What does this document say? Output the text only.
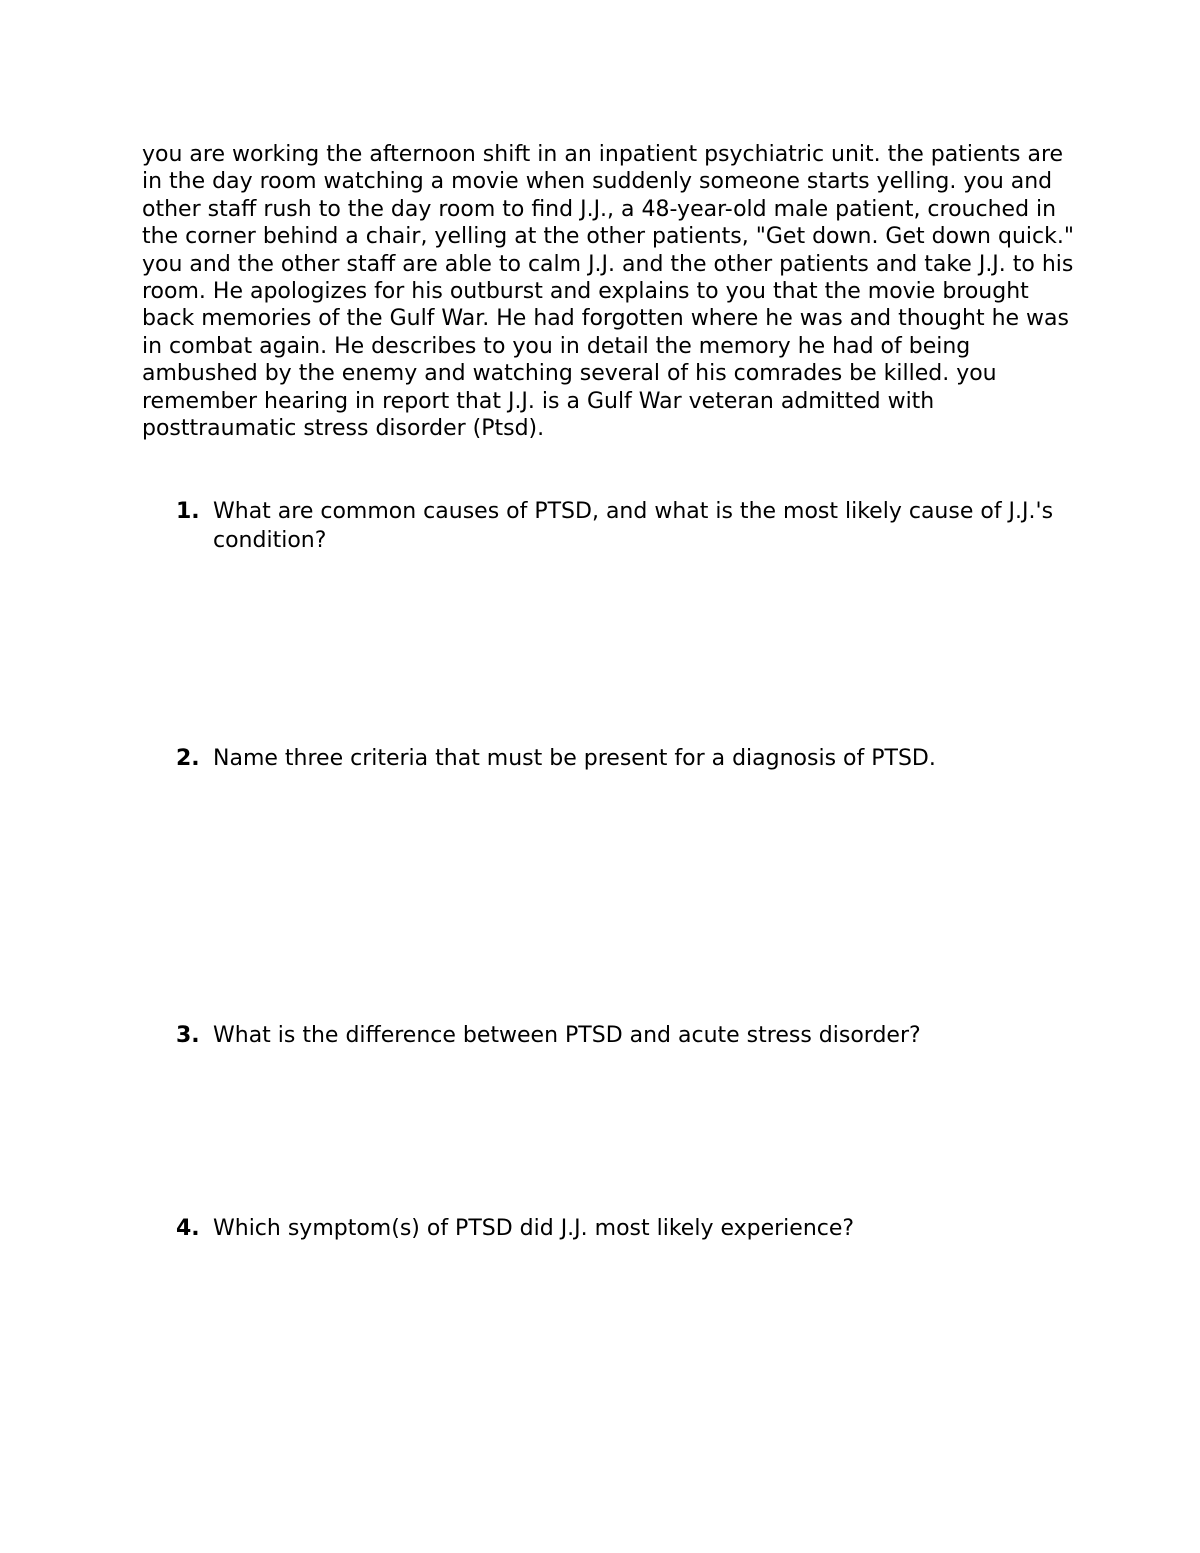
you are working the afternoon shift in an inpatient psychiatric unit. the patients are in the day room watching a movie when suddenly someone starts yelling. you and other staff rush to the day room to find J.J., a 48-year-old male patient, crouched in the corner behind a chair, yelling at the other patients, "Get down. Get down quick." you and the other staff are able to calm J.J. and the other patients and take J.J. to his room. He apologizes for his outburst and explains to you that the movie brought back memories of the Gulf War. He had forgotten where he was and thought he was in combat again. He describes to you in detail the memory he had of being ambushed by the enemy and watching several of his comrades be killed. you remember hearing in report that J.J. is a Gulf War veteran admitted with posttraumatic stress disorder (Ptsd).

1. What are common causes of PTSD, and what is the most likely cause of J.J.'s condition?
2. Name three criteria that must be present for a diagnosis of PTSD.
3. What is the difference between PTSD and acute stress disorder?
4. Which symptom(s) of PTSD did J.J. most likely experience?
